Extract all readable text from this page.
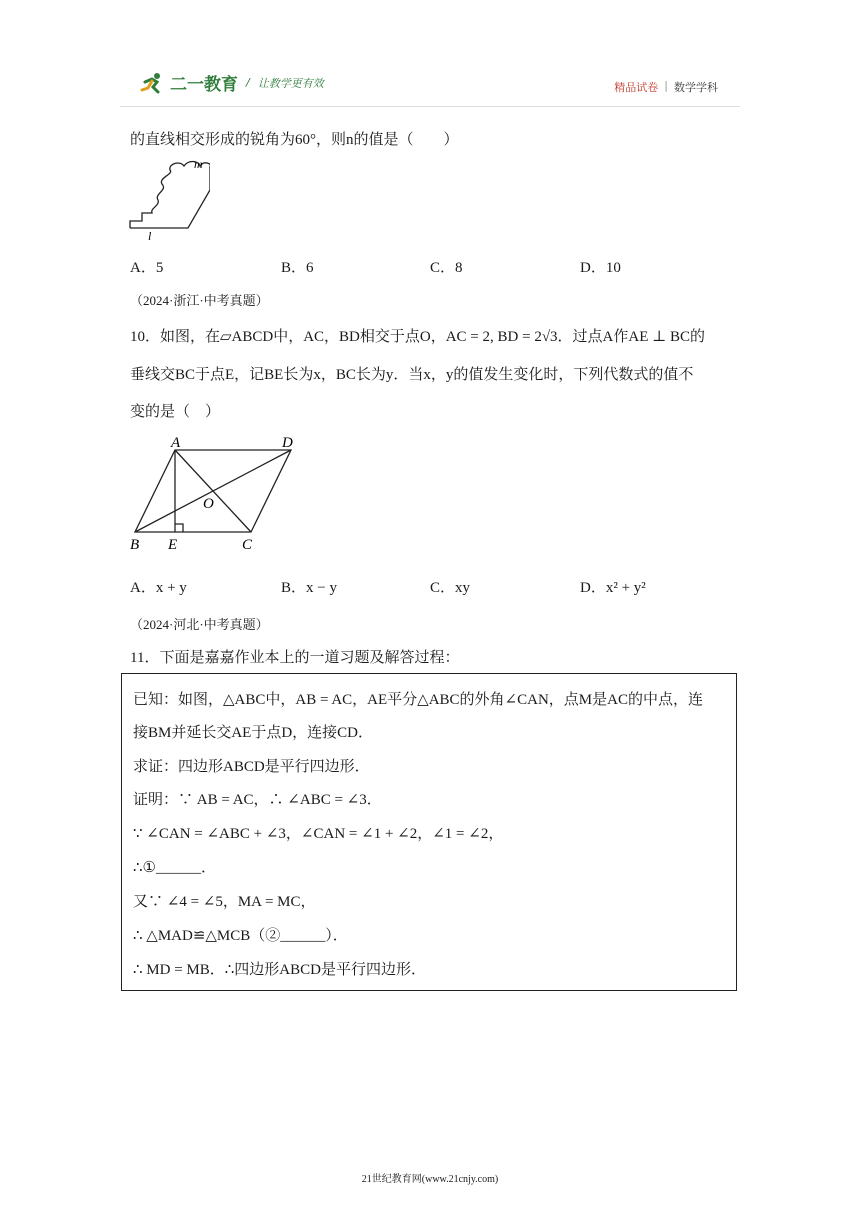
二一教育 / 让教学更有效	精品试卷 | 数学学科
的直线相交形成的锐角为60°，则n的值是（　　）
m
l
A．5	B．6	C．8	D．10
（2024·浙江·中考真题）
10．如图，在▱ABCD中，AC，BD相交于点O，AC = 2, BD = 2√3．过点A作AE ⊥ BC的
垂线交BC于点E，记BE长为x，BC长为y．当x，y的值发生变化时，下列代数式的值不
变的是（　）
A	D
O
B E	C
A．x + y	B．x − y	C．xy	D．x² + y²
（2024·河北·中考真题）
11．下面是嘉嘉作业本上的一道习题及解答过程：
已知：如图，△ABC中，AB = AC，AE平分△ABC的外角∠CAN，点M是AC的中点，连
接BM并延长交AE于点D，连接CD．
求证：四边形ABCD是平行四边形．
证明：∵ AB = AC，∴ ∠ABC = ∠3．
∵ ∠CAN = ∠ABC + ∠3，∠CAN = ∠1 + ∠2，∠1 = ∠2，
∴①______．
又∵ ∠4 = ∠5，MA = MC，
∴ △MAD≌△MCB（②______）．
∴ MD = MB．∴四边形ABCD是平行四边形．
21世纪教育网(www.21cnjy.com)
